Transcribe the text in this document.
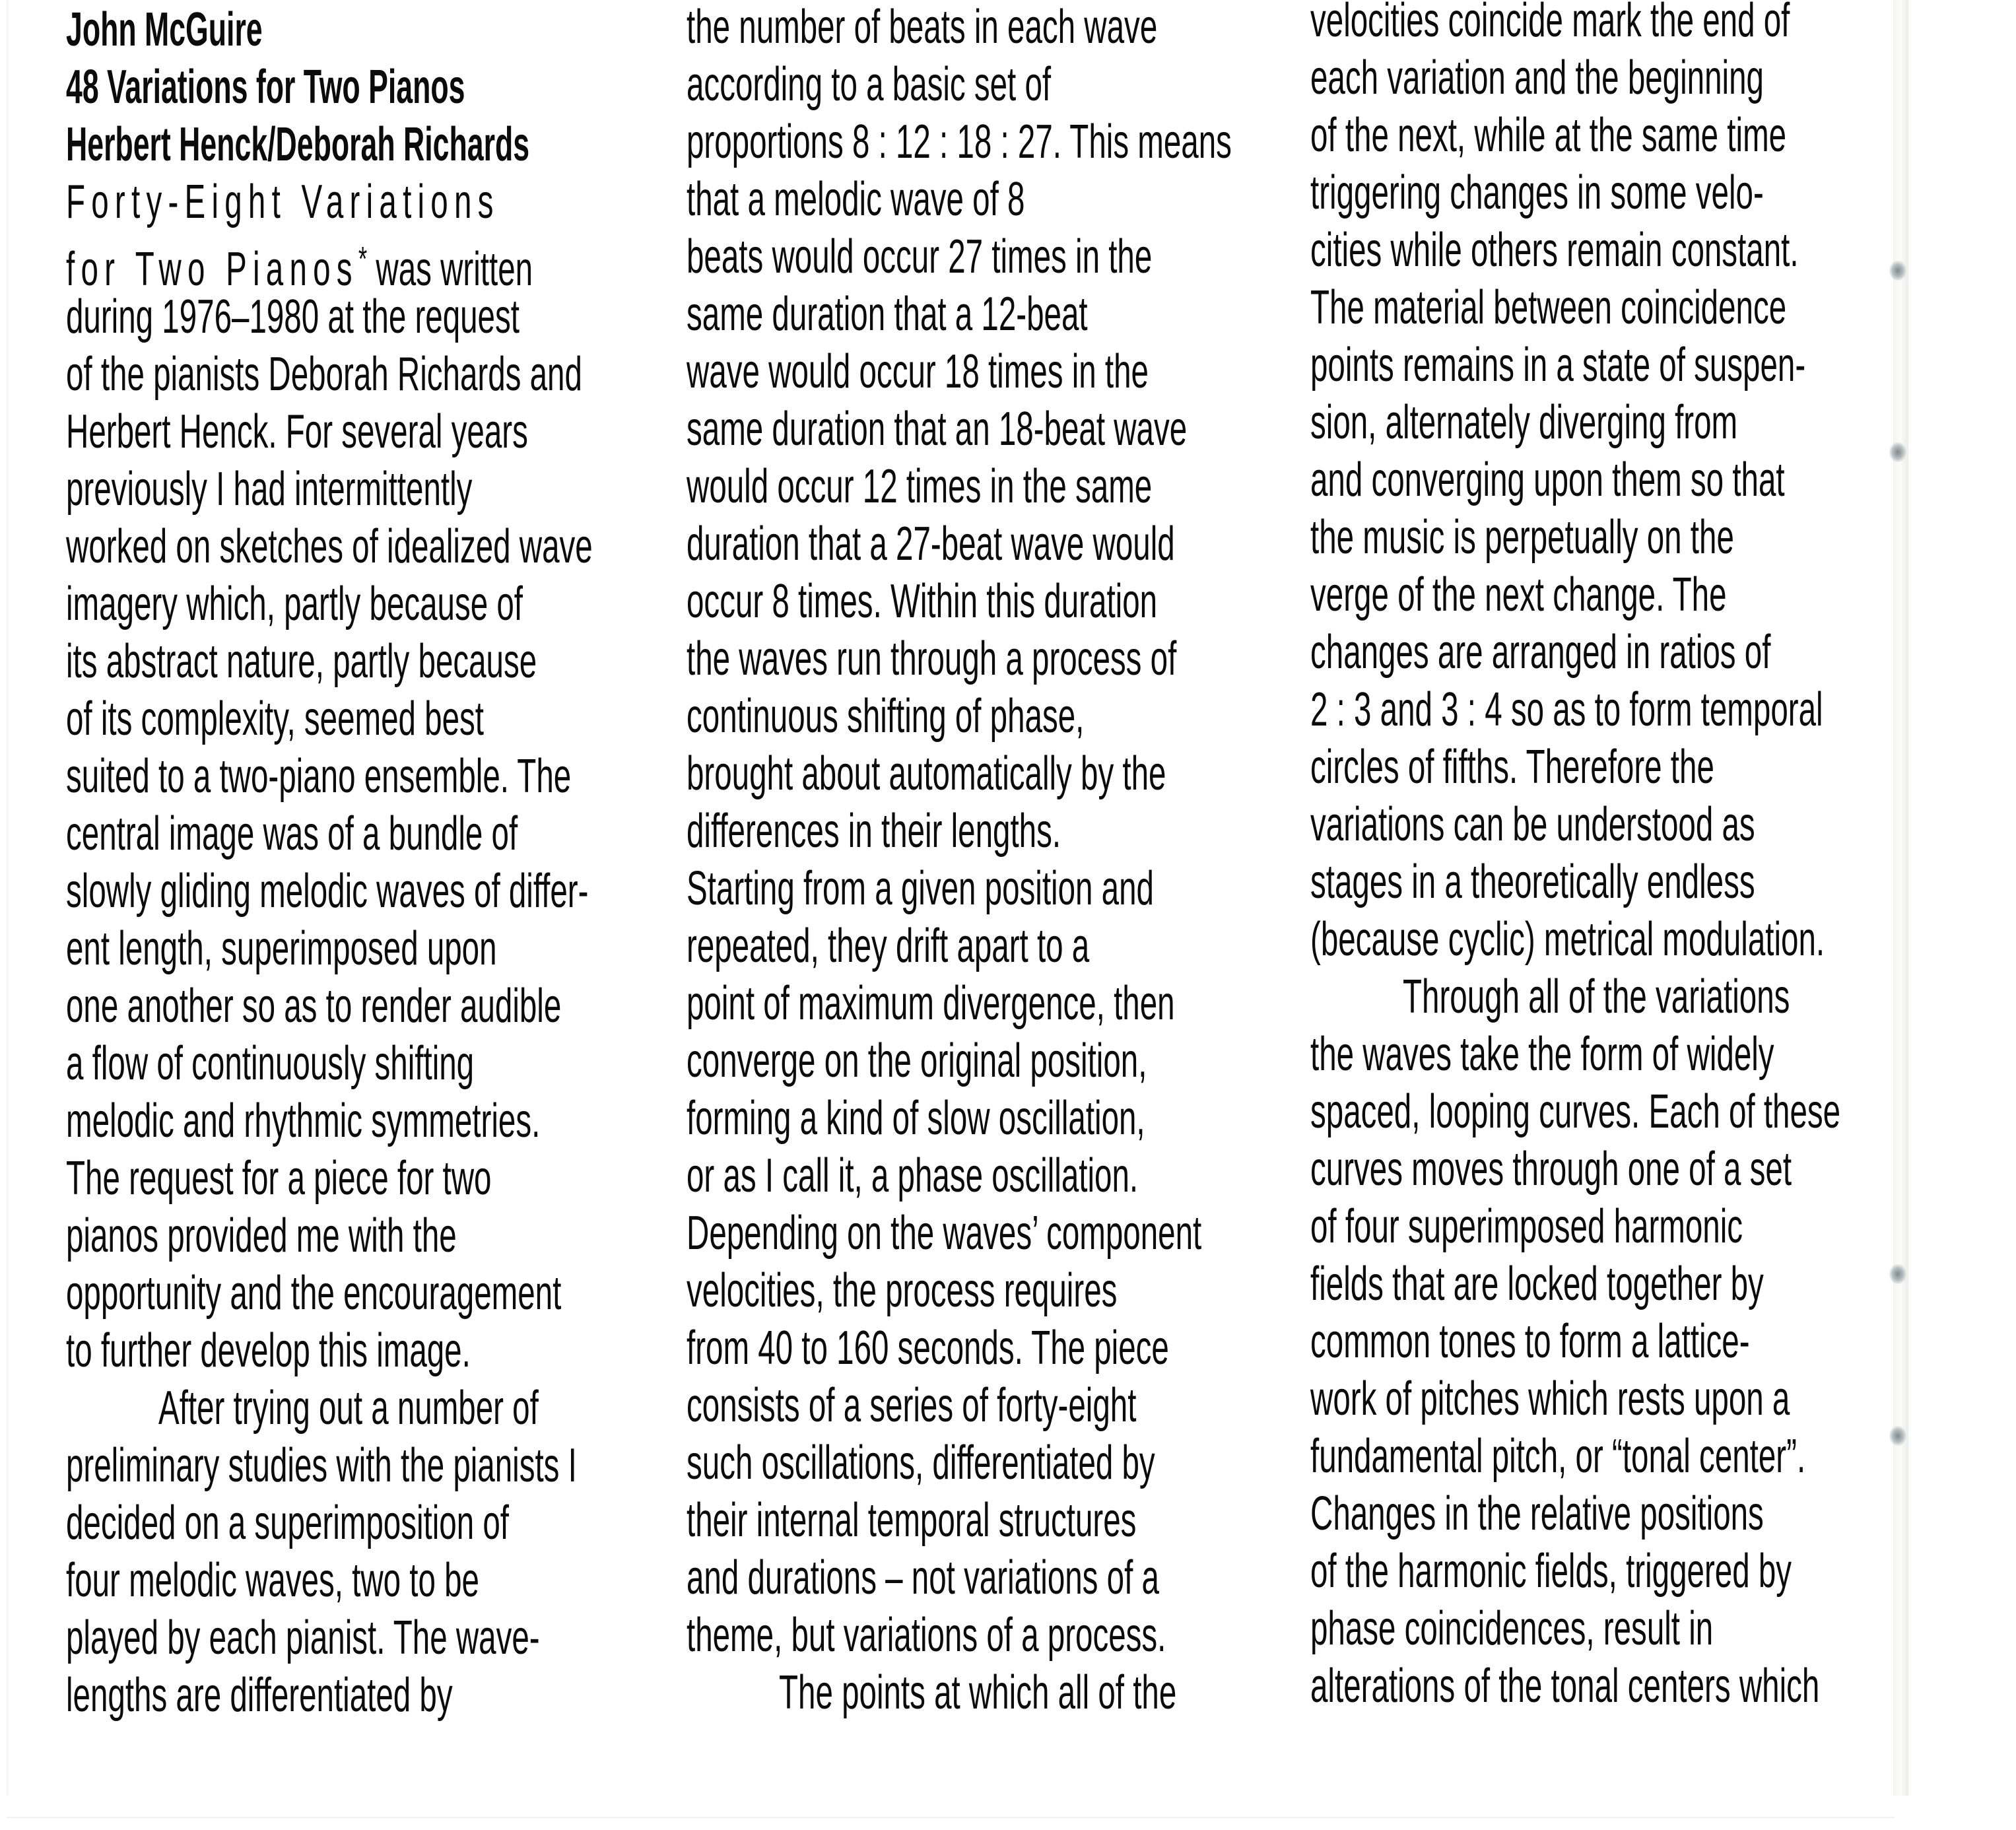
John McGuire
48 Variations for Two Pianos
Herbert Henck/Deborah Richards
Forty-Eight Variations
for Two Pianos* was written
during 1976–1980 at the request
of the pianists Deborah Richards and
Herbert Henck. For several years
previously I had intermittently
worked on sketches of idealized wave
imagery which, partly because of
its abstract nature, partly because
of its complexity, seemed best
suited to a two-piano ensemble. The
central image was of a bundle of
slowly gliding melodic waves of differ-
ent length, superimposed upon
one another so as to render audible
a flow of continuously shifting
melodic and rhythmic symmetries.
The request for a piece for two
pianos provided me with the
opportunity and the encouragement
to further develop this image.
After trying out a number of
preliminary studies with the pianists I
decided on a superimposition of
four melodic waves, two to be
played by each pianist. The wave-
lengths are differentiated by
the number of beats in each wave
according to a basic set of
proportions 8 : 12 : 18 : 27. This means
that a melodic wave of 8
beats would occur 27 times in the
same duration that a 12-beat
wave would occur 18 times in the
same duration that an 18-beat wave
would occur 12 times in the same
duration that a 27-beat wave would
occur 8 times. Within this duration
the waves run through a process of
continuous shifting of phase,
brought about automatically by the
differences in their lengths.
Starting from a given position and
repeated, they drift apart to a
point of maximum divergence, then
converge on the original position,
forming a kind of slow oscillation,
or as I call it, a phase oscillation.
Depending on the waves’ component
velocities, the process requires
from 40 to 160 seconds. The piece
consists of a series of forty-eight
such oscillations, differentiated by
their internal temporal structures
and durations – not variations of a
theme, but variations of a process.
The points at which all of the
velocities coincide mark the end of
each variation and the beginning
of the next, while at the same time
triggering changes in some velo-
cities while others remain constant.
The material between coincidence
points remains in a state of suspen-
sion, alternately diverging from
and converging upon them so that
the music is perpetually on the
verge of the next change. The
changes are arranged in ratios of
2 : 3 and 3 : 4 so as to form temporal
circles of fifths. Therefore the
variations can be understood as
stages in a theoretically endless
(because cyclic) metrical modulation.
Through all of the variations
the waves take the form of widely
spaced, looping curves. Each of these
curves moves through one of a set
of four superimposed harmonic
fields that are locked together by
common tones to form a lattice-
work of pitches which rests upon a
fundamental pitch, or “tonal center”.
Changes in the relative positions
of the harmonic fields, triggered by
phase coincidences, result in
alterations of the tonal centers which
